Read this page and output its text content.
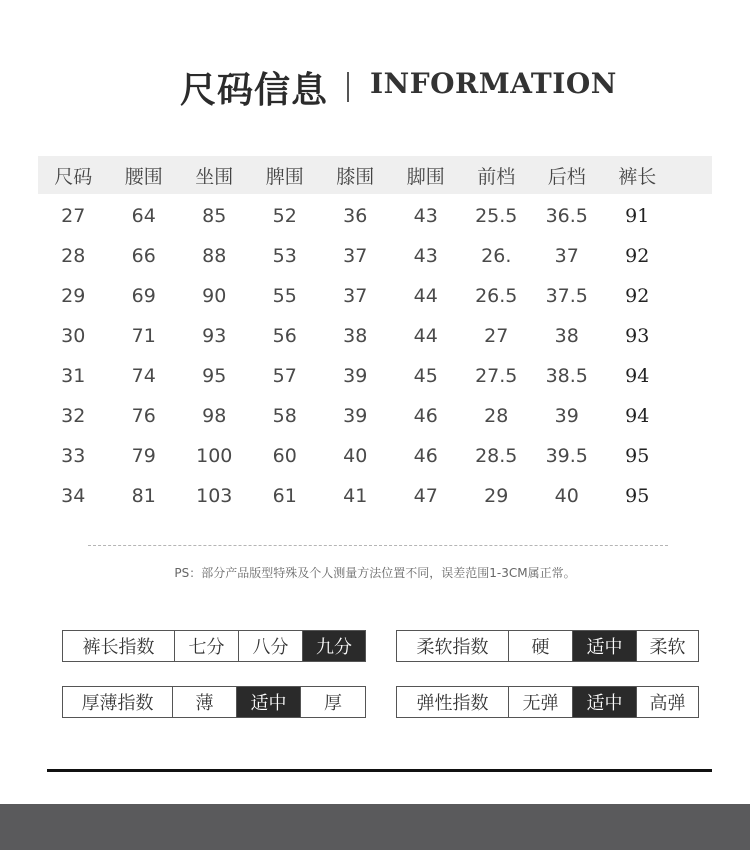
尺码信息 INFORMATION
尺码	腰围	坐围	脾围	膝围	脚围	前档	后档	裤长
27	64	85	52	36	43	25.5	36.5	91
28	66	88	53	37	43	26.	37	92
29	69	90	55	37	44	26.5	37.5	92
30	71	93	56	38	44	27	38	93
31	74	95	57	39	45	27.5	38.5	94
32	76	98	58	39	46	28	39	94
33	79	100	60	40	46	28.5	39.5	95
34	81	103	61	41	47	29	40	95
PS：部分产品版型特殊及个人测量方法位置不同，误差范围1-3CM属正常。
裤长指数	七分	八分	九分	柔软指数	硬	适中	柔软
厚薄指数	薄	适中	厚	弹性指数	无弹	适中	高弹
